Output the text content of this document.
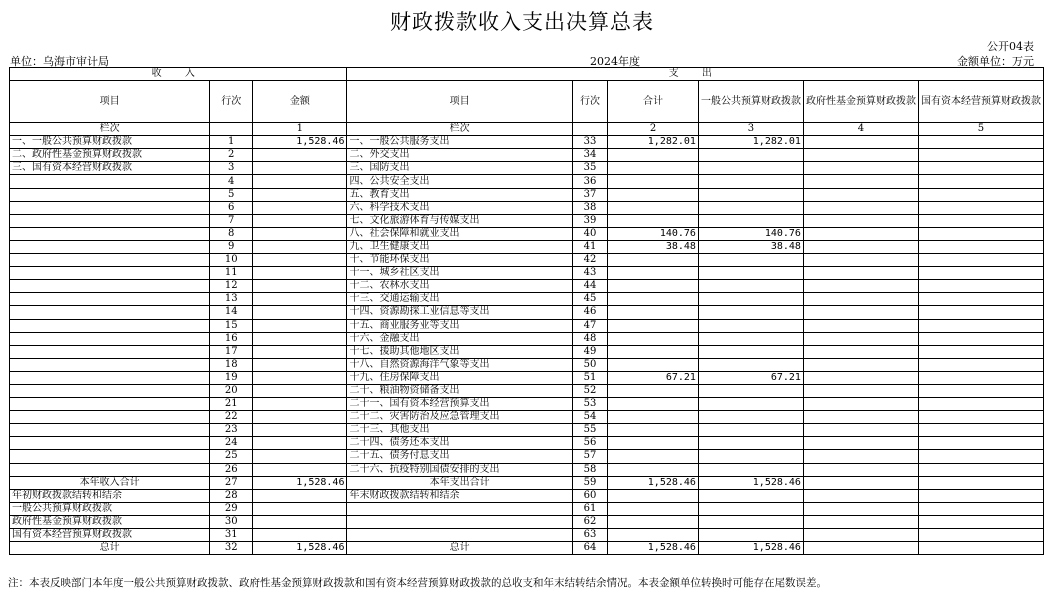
财政拨款收入支出决算总表
公开04表
单位：乌海市审计局	2024年度	金额单位：万元
收 入			支 出					
项目	行次	金额	项目	行次	合计	一般公共预算财政拨款	政府性基金预算财政拨款	国有资本经营预算财政拨款
栏次		1	栏次		2	3	4	5
一、一般公共预算财政拨款	1	1,528.46	一、一般公共服务支出	33	1,282.01	1,282.01		
二、政府性基金预算财政拨款	2		二、外交支出	34				
三、国有资本经营财政拨款	3		三、国防支出	35				
	4		四、公共安全支出	36				
	5		五、教育支出	37				
	6		六、科学技术支出	38				
	7		七、文化旅游体育与传媒支出	39				
	8		八、社会保障和就业支出	40	140.76	140.76		
	9		九、卫生健康支出	41	38.48	38.48		
	10		十、节能环保支出	42				
	11		十一、城乡社区支出	43				
	12		十二、农林水支出	44				
	13		十三、交通运输支出	45				
	14		十四、资源勘探工业信息等支出	46				
	15		十五、商业服务业等支出	47				
	16		十六、金融支出	48				
	17		十七、援助其他地区支出	49				
	18		十八、自然资源海洋气象等支出	50				
	19		十九、住房保障支出	51	67.21	67.21		
	20		二十、粮油物资储备支出	52				
	21		二十一、国有资本经营预算支出	53				
	22		二十二、灾害防治及应急管理支出	54				
	23		二十三、其他支出	55				
	24		二十四、债务还本支出	56				
	25		二十五、债务付息支出	57				
	26		二十六、抗疫特别国债安排的支出	58				
本年收入合计	27	1,528.46	本年支出合计	59	1,528.46	1,528.46		
年初财政拨款结转和结余	28		年末财政拨款结转和结余	60				
一般公共预算财政拨款	29			61				
政府性基金预算财政拨款	30			62				
国有资本经营预算财政拨款	31			63				
总计	32	1,528.46	总计	64	1,528.46	1,528.46		
注：本表反映部门本年度一般公共预算财政拨款、政府性基金预算财政拨款和国有资本经营预算财政拨款的总收支和年末结转结余情况。本表金额单位转换时可能存在尾数误差。
